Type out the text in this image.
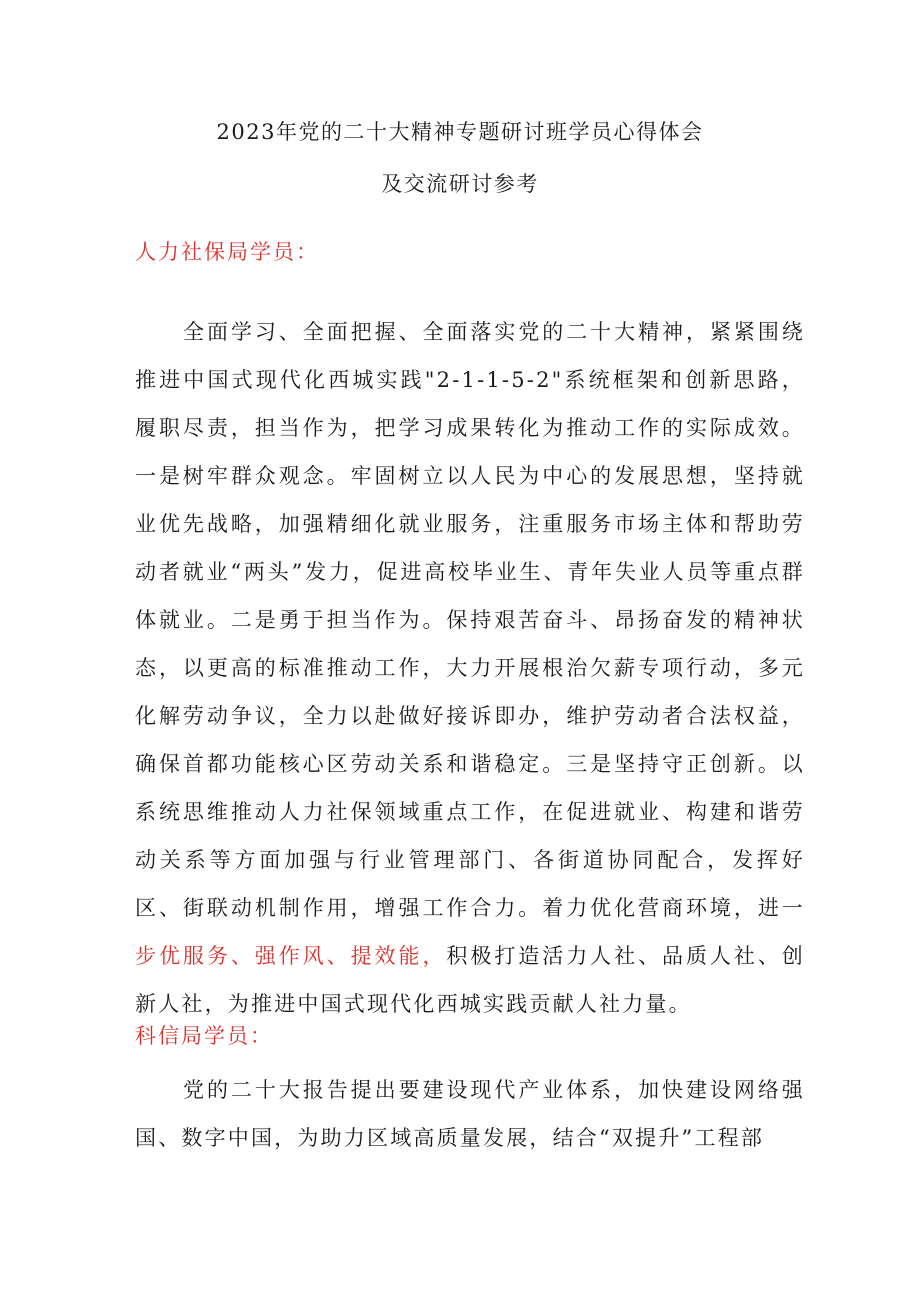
2023年党的二十大精神专题研讨班学员心得体会
及交流研讨参考
人力社保局学员：

全面学习、全面把握、全面落实党的二十大精神，紧紧围绕推进中国式现代化西城实践"2-1-1-5-2"系统框架和创新思路，履职尽责，担当作为，把学习成果转化为推动工作的实际成效。一是树牢群众观念。牢固树立以人民为中心的发展思想，坚持就业优先战略，加强精细化就业服务，注重服务市场主体和帮助劳动者就业“两头”发力，促进高校毕业生、青年失业人员等重点群体就业。二是勇于担当作为。保持艰苦奋斗、昂扬奋发的精神状态，以更高的标准推动工作，大力开展根治欠薪专项行动，多元化解劳动争议，全力以赴做好接诉即办，维护劳动者合法权益，确保首都功能核心区劳动关系和谐稳定。三是坚持守正创新。以系统思维推动人力社保领域重点工作，在促进就业、构建和谐劳动关系等方面加强与行业管理部门、各街道协同配合，发挥好区、街联动机制作用，增强工作合力。着力优化营商环境，进一步优服务、强作风、提效能，积极打造活力人社、品质人社、创新人社，为推进中国式现代化西城实践贡献人社力量。

科信局学员：

党的二十大报告提出要建设现代产业体系，加快建设网络强国、数字中国，为助力区域高质量发展，结合“双提升”工程部
